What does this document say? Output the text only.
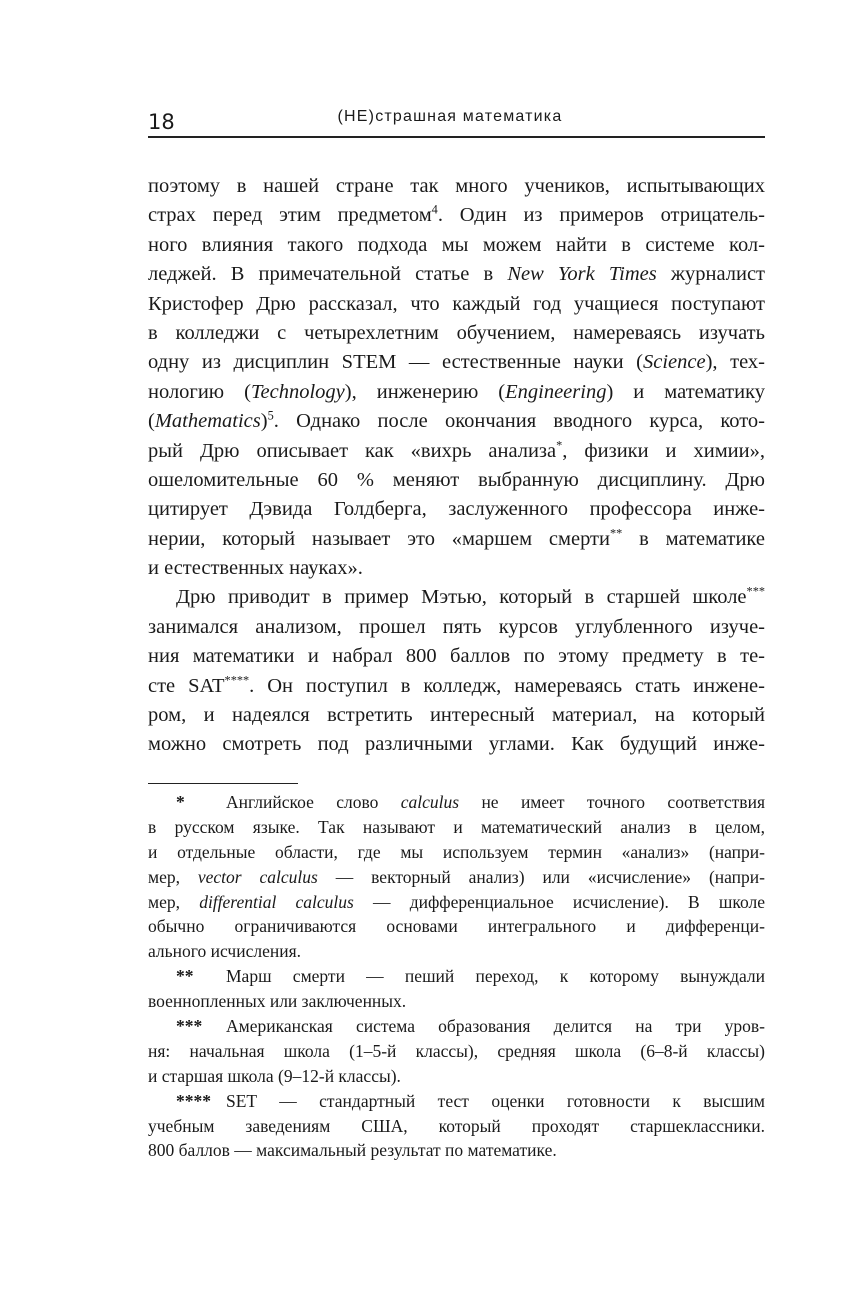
18	(НЕ)страшная математика
поэтому в нашей стране так много учеников, испытывающих
страх перед этим предметом$^4$. Один из примеров отрицатель-
ного влияния такого подхода мы можем найти в системе кол-
леджей. В примечательной статье в New York Times журналист
Кристофер Дрю рассказал, что каждый год учащиеся поступают
в колледжи с четырехлетним обучением, намереваясь изучать
одну из дисциплин STEM — естественные науки (Science), тех-
нологию (Technology), инженерию (Engineering) и математику
(Mathematics)$^5$. Однако после окончания вводного курса, кото-
рый Дрю описывает как «вихрь анализа*, физики и химии»,
ошеломительные 60 % меняют выбранную дисциплину. Дрю
цитирует Дэвида Голдберга, заслуженного профессора инже-
нерии, который называет это «маршем смерти** в математике
и естественных науках».
Дрю приводит в пример Мэтью, который в старшей школе***
занимался анализом, прошел пять курсов углубленного изуче-
ния математики и набрал 800 баллов по этому предмету в те-
сте SAT****. Он поступил в колледж, намереваясь стать инжене-
ром, и надеялся встретить интересный материал, на который
можно смотреть под различными углами. Как будущий инже-
* Английское слово calculus не имеет точного соответствия
в русском языке. Так называют и математический анализ в целом,
и отдельные области, где мы используем термин «анализ» (напри-
мер, vector calculus — векторный анализ) или «исчисление» (напри-
мер, differential calculus — дифференциальное исчисление). В школе
обычно ограничиваются основами интегрального и дифференци-
ального исчисления.
** Марш смерти — пеший переход, к которому вынуждали
военнопленных или заключенных.
*** Американская система образования делится на три уров-
ня: начальная школа (1–5-й классы), средняя школа (6–8-й классы)
и старшая школа (9–12-й классы).
**** SET — стандартный тест оценки готовности к высшим
учебным заведениям США, который проходят старшеклассники.
800 баллов — максимальный результат по математике.
